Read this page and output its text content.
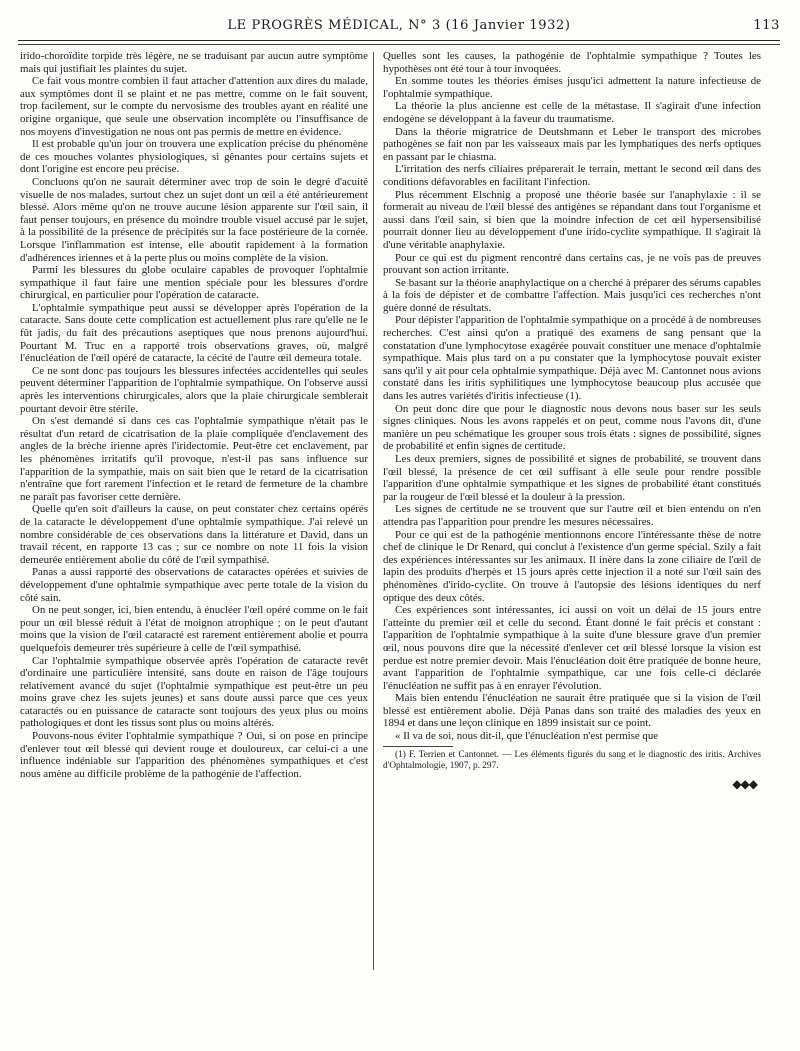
LE PROGRÈS MÉDICAL, N° 3 (16 Janvier 1932)	113

irido-choroïdite torpide très légère, ne se traduisant par aucun autre symptôme mais qui justifiait les plaintes du sujet.

Ce fait vous montre combien il faut attacher d'attention aux dires du malade, aux symptômes dont il se plaint et ne pas mettre, comme on le fait souvent, trop facilement, sur le compte du nervosisme des troubles ayant en réalité une origine organique, que seule une observation incomplète ou l'insuffisance de nos moyens d'investigation ne nous ont pas permis de mettre en évidence.

Il est probable qu'un jour on trouvera une explication précise du phénomène de ces mouches volantes physiologiques, si gênantes pour certains sujets et dont l'origine est encore peu précise.

Concluons qu'on ne saurait déterminer avec trop de soin le degré d'acuité visuelle de nos malades, surtout chez un sujet dont un œil a été antérieurement blessé. Alors même qu'on ne trouve aucune lésion apparente sur l'œil sain, il faut penser toujours, en présence du moindre trouble visuel accusé par le sujet, à la possibilité de la présence de précipités sur la face postérieure de la cornée. Lorsque l'inflammation est intense, elle aboutit rapidement à la formation d'adhérences iriennes et à la perte plus ou moins complète de la vision.

Parmi les blessures du globe oculaire capables de provoquer l'ophtalmie sympathique il faut faire une mention spéciale pour les blessures d'ordre chirurgical, en particulier pour l'opération de cataracte.

L'ophtalmie sympathique peut aussi se développer après l'opération de la cataracte. Sans doute cette complication est actuellement plus rare qu'elle ne le fût jadis, du fait des précautions aseptiques que nous prenons aujourd'hui. Pourtant M. Truc en a rapporté trois observations graves, où, malgré l'énucléation de l'œil opéré de cataracte, la cécité de l'autre œil demeura totale.

Ce ne sont donc pas toujours les blessures infectées accidentelles qui seules peuvent déterminer l'apparition de l'ophtalmie sympathique. On l'observe aussi après les interventions chirurgicales, alors que la plaie chirurgicale semblerait pourtant devoir être stérile.

On s'est demandé si dans ces cas l'ophtalmie sympathique n'était pas le résultat d'un retard de cicatrisation de la plaie compliquée d'enclavement des angles de la brèche irienne après l'iridectomie. Peut-être cet enclavement, par les phénomènes irritatifs qu'il provoque, n'est-il pas sans influence sur l'apparition de la sympathie, mais on sait bien que le retard de la cicatrisation n'entraîne que fort rarement l'infection et le retard de fermeture de la chambre ne paraît pas favoriser cette dernière.

Quelle qu'en soit d'ailleurs la cause, on peut constater chez certains opérés de la cataracte le développement d'une ophtalmie sympathique. J'ai relevé un nombre considérable de ces observations dans la littérature et David, dans un travail récent, en rapporte 13 cas ; sur ce nombre on note 11 fois la vision demeurée entièrement abolie du côté de l'œil sympathisé.

Panas a aussi rapporté des observations de cataractes opérées et suivies de développement d'une ophtalmie sympathique avec perte totale de la vision du côté sain.

On ne peut songer, ici, bien entendu, à énucléer l'œil opéré comme on le fait pour un œil blessé réduit à l'état de moignon atrophique ; on le peut d'autant moins que la vision de l'œil cataracté est rarement entièrement abolie et pourra quelquefois demeurer très supérieure à celle de l'œil sympathisé.

Car l'ophtalmie sympathique observée après l'opération de cataracte revêt d'ordinaire une particulière intensité, sans doute en raison de l'âge toujours relativement avancé du sujet (l'ophtalmie sympathique est peut-être un peu moins grave chez les sujets jeunes) et sans doute aussi parce que ces yeux cataractés ou en puissance de cataracte sont toujours des yeux plus ou moins pathologiques et dont les tissus sont plus ou moins altérés.

Pouvons-nous éviter l'ophtalmie sympathique ? Oui, si on pose en principe d'enlever tout œil blessé qui devient rouge et douloureux, car celui-ci a une influence indéniable sur l'apparition des phénomènes sympathiques et c'est nous amène au difficile problème de la pathogénie de l'affection.

Quelles sont les causes, la pathogénie de l'ophtalmie sympathique ? Toutes les hypothèses ont été tour à tour invoquées.

En somme toutes les théories émises jusqu'ici admettent la nature infectieuse de l'ophtalmie sympathique.

La théorie la plus ancienne est celle de la métastase. Il s'agirait d'une infection endogène se développant à la faveur du traumatisme.

Dans la théorie migratrice de Deutshmann et Leber le transport des microbes pathogènes se fait non par les vaisseaux mais par les lymphatiques des nerfs optiques en passant par le chiasma.

L'irritation des nerfs ciliaires préparerait le terrain, mettant le second œil dans des conditions défavorables en facilitant l'infection.

Plus récemment Elschnig a proposé une théorie basée sur l'anaphylaxie : il se formerait au niveau de l'œil blessé des antigènes se répandant dans tout l'organisme et aussi dans l'œil sain, si bien que la moindre infection de cet œil hypersensibilisé pourrait donner lieu au développement d'une irido-cyclite sympathique. Il s'agirait là d'une véritable anaphylaxie.

Pour ce qui est du pigment rencontré dans certains cas, je ne vois pas de preuves prouvant son action irritante.

Se basant sur la théorie anaphylactique on a cherché à préparer des sérums capables à la fois de dépister et de combattre l'affection. Mais jusqu'ici ces recherches n'ont guère donné de résultats.

Pour dépister l'apparition de l'ophtalmie sympathique on a procédé à de nombreuses recherches. C'est ainsi qu'on a pratiqué des examens de sang pensant que la constatation d'une lymphocytose exagérée pouvait constituer une menace d'ophtalmie sympathique. Mais plus tard on a pu constater que la lymphocytose pouvait exister sans qu'il y ait pour cela ophtalmie sympathique. Déjà avec M. Cantonnet nous avions constaté dans les iritis syphilitiques une lymphocytose beaucoup plus accusée que dans les autres variétés d'iritis infectieuse (1).

On peut donc dire que pour le diagnostic nous devons nous baser sur les seuls signes cliniques. Nous les avons rappelés et on peut, comme nous l'avons dit, d'une manière un peu schématique les grouper sous trois états : signes de possibilité, signes de probabilité et enfin signes de certitude.

Les deux premiers, signes de possibilité et signes de probabilité, se trouvent dans l'œil blessé, la présence de cet œil suffisant à elle seule pour rendre possible l'apparition d'une ophtalmie sympathique et les signes de probabilité étant constitués par la rougeur de l'œil blessé et la douleur à la pression.

Les signes de certitude ne se trouvent que sur l'autre œil et bien entendu on n'en attendra pas l'apparition pour prendre les mesures nécessaires.

Pour ce qui est de la pathogénie mentionnons encore l'intéressante thèse de notre chef de clinique le Dr Renard, qui conclut à l'existence d'un germe spécial. Szily a fait des expériences intéressantes sur les animaux. Il inère dans la zone ciliaire de l'œil de lapin des produits d'herpès et 15 jours après cette injection il a noté sur l'œil sain des phénomènes d'irido-cyclite. On trouve à l'autopsie des lésions identiques du nerf optique des deux côtés.

Ces expériences sont intéressantes, ici aussi on voit un délai de 15 jours entre l'atteinte du premier œil et celle du second. Étant donné le fait précis et constant : l'apparition de l'ophtalmie sympathique à la suite d'une blessure grave d'un premier œil, nous pouvons dire que la nécessité d'enlever cet œil blessé lorsque la vision est perdue est notre premier devoir. Mais l'énucléation doit être pratiquée de bonne heure, avant l'apparition de l'ophtalmie sympathique, car une fois celle-ci déclarée l'énucléation ne suffit pas à en enrayer l'évolution.

Mais bien entendu l'énucléation ne saurait être pratiquée que si la vision de l'œil blessé est entièrement abolie. Déjà Panas dans son traité des maladies des yeux en 1894 et dans une leçon clinique en 1899 insistait sur ce point.

« Il va de soi, nous dit-il, que l'énucléation n'est permise que

(1) F. Terrien et Cantonnet. — Les éléments figurés du sang et le diagnostic des iritis. Archives d'Ophtalmologie, 1907, p. 297.

◆◆◆
